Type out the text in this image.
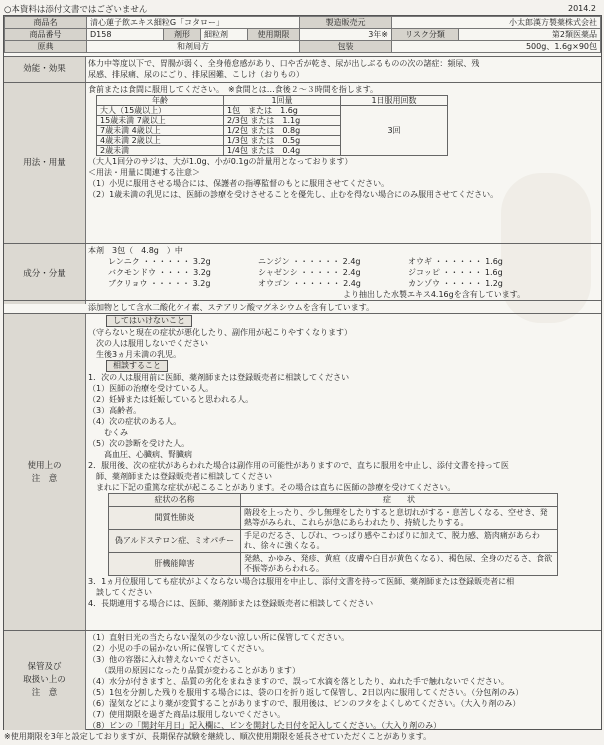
○本資料は添付文書ではございません	2014.2
商品名	清心蓮子飲エキス細粒G「コタロー」				製造販売元	小太郎漢方製薬株式会社	
商品番号	D158	剤形	細粒剤	使用期限	3年※	リスク分類	第2類医薬品
原典	和剤局方				包装	500g、1.6g×90包	
効能・効果
体力中等度以下で、胃腸が弱く、全身倦怠感があり、口や舌が乾き、尿が出しぶるものの次の諸症：頻尿、残
尿感、排尿痛、尿のにごり、排尿困難、こしけ（おりもの）
用法・用量
食前または食間に服用してください。　※食間とは…食後２～３時間を指します。
年齢	1回量	1日服用回数
大人（15歳以上）	1包　または　1.6g	3回
15歳未満 7歳以上	2/3包 または　1.1g	
7歳未満 4歳以上	1/2包 または　0.8g	
4歳未満 2歳以上	1/3包 または　0.5g	
2歳未満	1/4包 または　0.4g	
（大人1回分のサジは、大が1.0g、小が0.1gの計量用となっております）
＜用法・用量に関連する注意＞
（1）小児に服用させる場合には、保護者の指導監督のもとに服用させてください。
（2）1歳未満の乳児には、医師の診療を受けさせることを優先し、止むを得ない場合にのみ服用させてください。
成分・分量
本剤　3包（　4.8g　）中
レンニク ・・・・・・ 3.2g	ニンジン ・・・・・・ 2.4g	オウギ ・・・・・・ 1.6g
バクモンドウ ・・・・ 3.2g	シャゼンシ ・・・・・ 2.4g	ジコッピ ・・・・・ 1.6g
ブクリョウ ・・・・・ 3.2g	オウゴン ・・・・・・ 2.4g	カンゾウ ・・・・・ 1.2g
より抽出した水製エキス4.16gを含有しています。
添加物として含水二酸化ケイ素、ステアリン酸マグネシウムを含有しています。
使用上の
注　意
してはいけないこと
（守らないと現在の症状が悪化したり、副作用が起こりやすくなります）
　次の人は服用しないでください
　生後3ヵ月未満の乳児。
相談すること
1．次の人は服用前に医師、薬剤師または登録販売者に相談してください
（1）医師の治療を受けている人。
（2）妊婦または妊娠していると思われる人。
（3）高齢者。
（4）次の症状のある人。
　　むくみ
（5）次の診断を受けた人。
　　高血圧、心臓病、腎臓病
2．服用後、次の症状があらわれた場合は副作用の可能性がありますので、直ちに服用を中止し、添付文書を持って医
　師、薬剤師または登録販売者に相談してください
　まれに下記の重篤な症状が起こることがあります。その場合は直ちに医師の診療を受けてください。
症状の名称	症　　状
間質性肺炎	階段を上ったり、少し無理をしたりすると息切れがする・息苦しくなる、空せき、発熱等がみられ、これらが急にあらわれたり、持続したりする。
偽アルドステロン症、ミオパチー	手足のだるさ、しびれ、つっぱり感やこわばりに加えて、脱力感、筋肉痛があらわれ、徐々に強くなる。
肝機能障害	発熱、かゆみ、発疹、黄疸（皮膚や白目が黄色くなる）、褐色尿、全身のだるさ、食欲不振等があらわれる。
3．1ヵ月位服用しても症状がよくならない場合は服用を中止し、添付文書を持って医師、薬剤師または登録販売者に相
　談してください
4．長期連用する場合には、医師、薬剤師または登録販売者に相談してください
保管及び
取扱い上の
注　意
（1）直射日光の当たらない湿気の少ない涼しい所に保管してください。
（2）小児の手の届かない所に保管してください。
（3）他の容器に入れ替えないでください。
　　（誤用の原因になったり品質が変わることがあります）
（4）水分が付きますと、品質の劣化をまねきますので、誤って水滴を落としたり、ぬれた手で触れないでください。
（5）1包を分割した残りを服用する場合には、袋の口を折り返して保管し、2日以内に服用してください。（分包剤のみ）
（6）湿気などにより薬が変質することがありますので、服用後は、ビンのフタをよくしめてください。（大入り剤のみ）
（7）使用期限を過ぎた商品は服用しないでください。
（8）ビンの「開封年月日」記入欄に、ビンを開封した日付を記入してください。（大入り剤のみ）
※使用期限を3年と設定しておりますが、長期保存試験を継続し、順次使用期限を延長させていただくことがあります。
